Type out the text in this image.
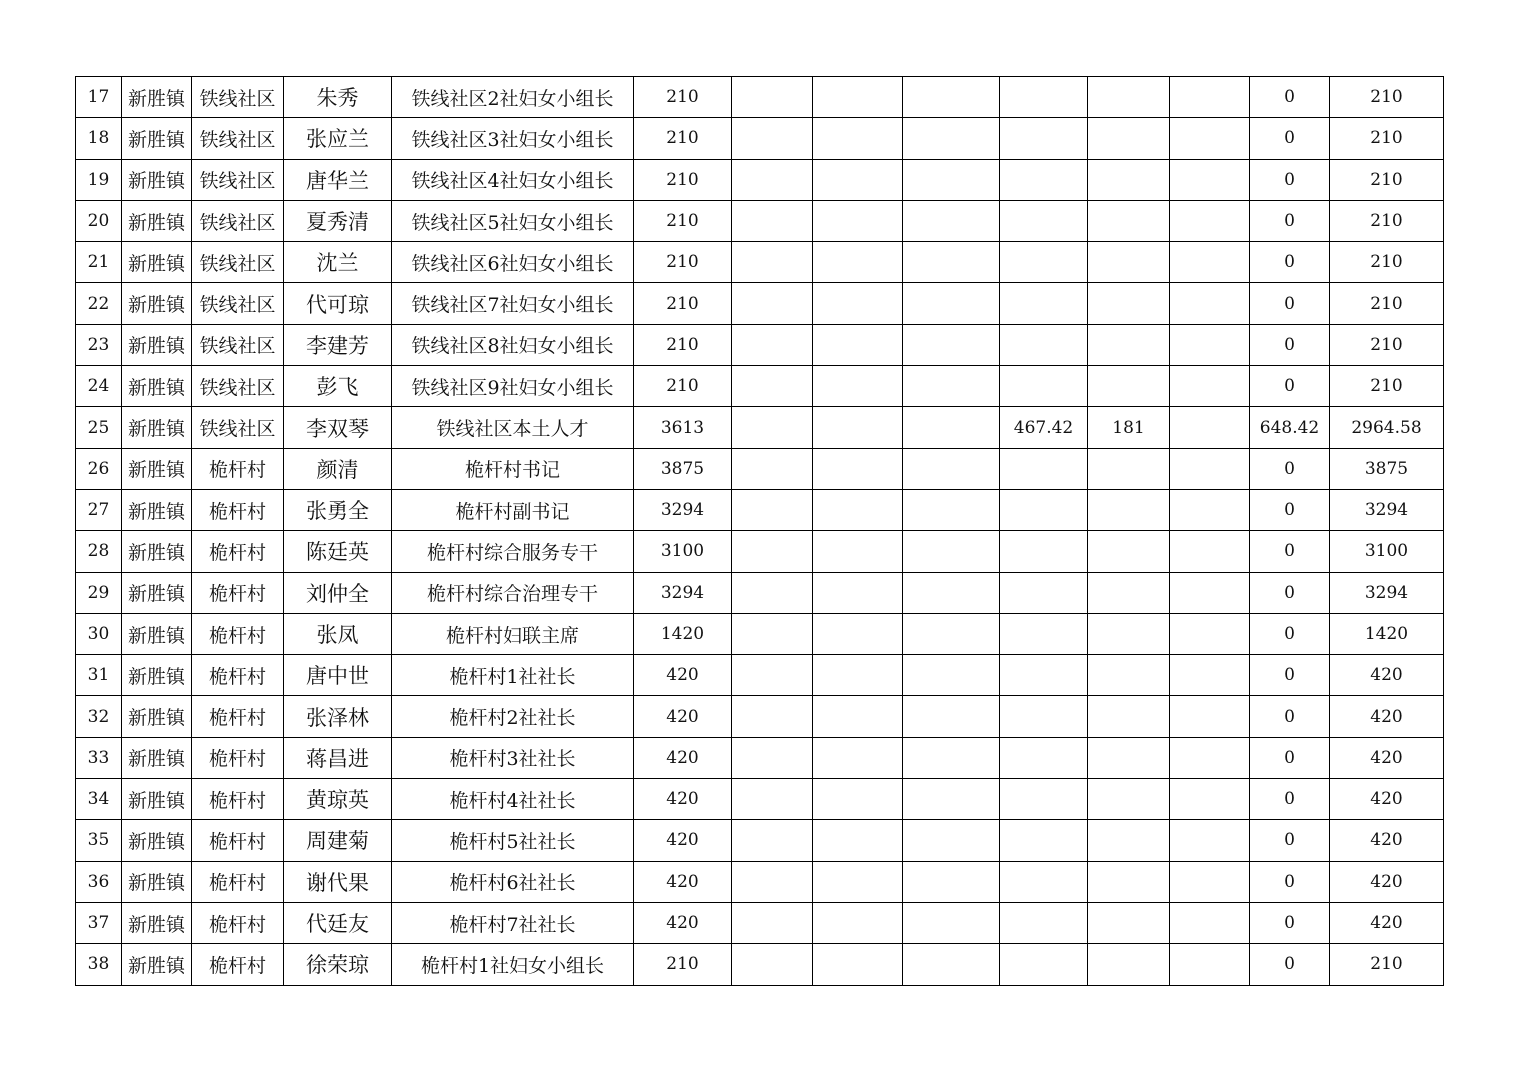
17	新胜镇	铁线社区	朱秀	铁线社区2社妇女小组长	210							0	210
18	新胜镇	铁线社区	张应兰	铁线社区3社妇女小组长	210							0	210
19	新胜镇	铁线社区	唐华兰	铁线社区4社妇女小组长	210							0	210
20	新胜镇	铁线社区	夏秀清	铁线社区5社妇女小组长	210							0	210
21	新胜镇	铁线社区	沈兰	铁线社区6社妇女小组长	210							0	210
22	新胜镇	铁线社区	代可琼	铁线社区7社妇女小组长	210							0	210
23	新胜镇	铁线社区	李建芳	铁线社区8社妇女小组长	210							0	210
24	新胜镇	铁线社区	彭飞	铁线社区9社妇女小组长	210							0	210
25	新胜镇	铁线社区	李双琴	铁线社区本土人才	3613				467.42	181		648.42	2964.58
26	新胜镇	桅杆村	颜清	桅杆村书记	3875							0	3875
27	新胜镇	桅杆村	张勇全	桅杆村副书记	3294							0	3294
28	新胜镇	桅杆村	陈廷英	桅杆村综合服务专干	3100							0	3100
29	新胜镇	桅杆村	刘仲全	桅杆村综合治理专干	3294							0	3294
30	新胜镇	桅杆村	张凤	桅杆村妇联主席	1420							0	1420
31	新胜镇	桅杆村	唐中世	桅杆村1社社长	420							0	420
32	新胜镇	桅杆村	张泽林	桅杆村2社社长	420							0	420
33	新胜镇	桅杆村	蒋昌进	桅杆村3社社长	420							0	420
34	新胜镇	桅杆村	黄琼英	桅杆村4社社长	420							0	420
35	新胜镇	桅杆村	周建菊	桅杆村5社社长	420							0	420
36	新胜镇	桅杆村	谢代果	桅杆村6社社长	420							0	420
37	新胜镇	桅杆村	代廷友	桅杆村7社社长	420							0	420
38	新胜镇	桅杆村	徐荣琼	桅杆村1社妇女小组长	210							0	210
